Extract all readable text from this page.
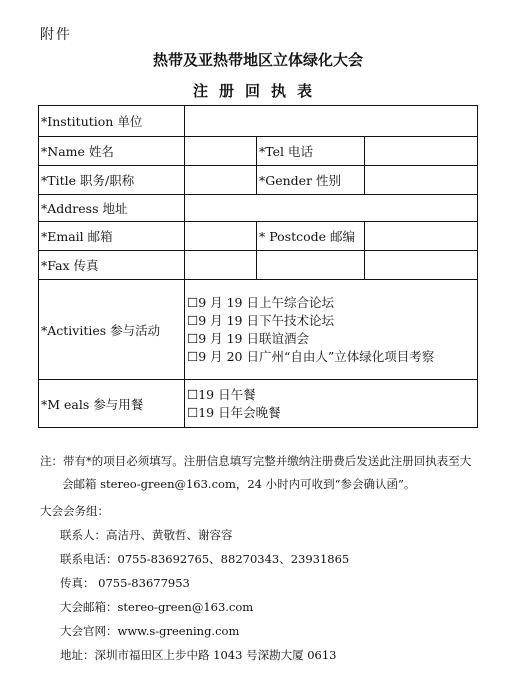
附件
热带及亚热带地区立体绿化大会
注册回执表
*Institution 单位			
*Name 姓名		*Tel 电话	
*Title 职务/职称		*Gender 性别	
*Address 地址			
*Email 邮箱		* Postcode 邮编	
*Fax 传真			
*Activities 参与活动	☐9 月 19 日上午综合论坛
☐9 月 19 日下午技术论坛
☐9 月 19 日联谊酒会
☐9 月 20 日广州“自由人”立体绿化项目考察		

*M eals 参与用餐	☐19 日午餐
☐19 日年会晚餐		
注：带有*的项目必须填写。注册信息填写完整并缴纳注册费后发送此注册回执表至大
会邮箱 stereo-green@163.com，24 小时内可收到“参会确认函”。
大会会务组：
联系人：高洁丹、黄敬哲、谢容容
联系电话：0755-83692765、88270343、23931865
传真： 0755-83677953
大会邮箱：stereo-green@163.com
大会官网：www.s-greening.com
地址：深圳市福田区上步中路 1043 号深勘大厦 0613
